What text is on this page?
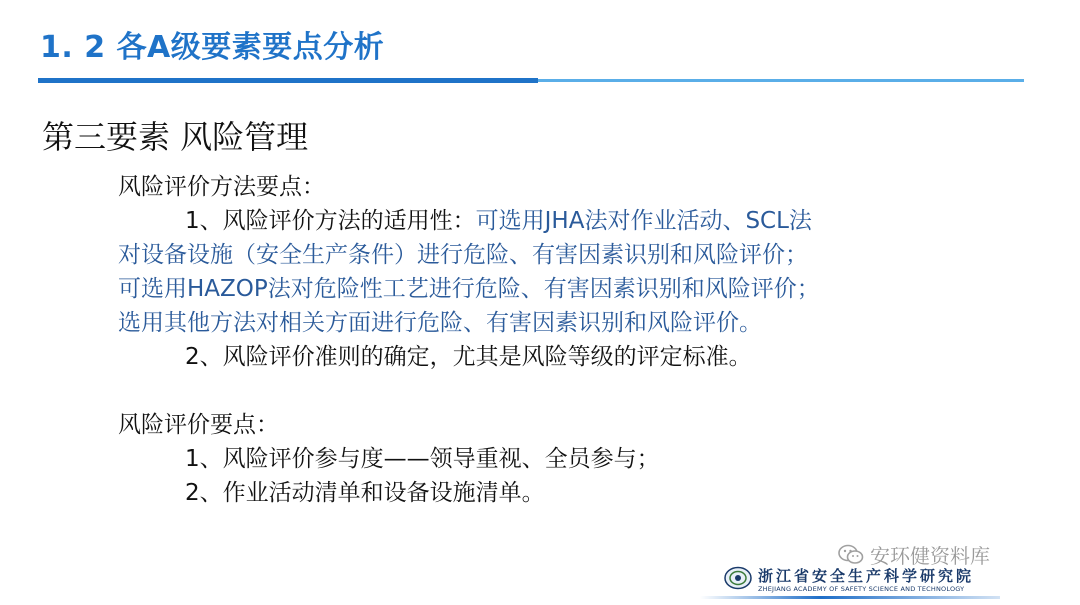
1. 2 各A级要素要点分析
第三要素 风险管理
风险评价方法要点：
1、风险评价方法的适用性：可选用JHA法对作业活动、SCL法
对设备设施（安全生产条件）进行危险、有害因素识别和风险评价；
可选用HAZOP法对危险性工艺进行危险、有害因素识别和风险评价；
选用其他方法对相关方面进行危险、有害因素识别和风险评价。
2、风险评价准则的确定，尤其是风险等级的评定标准。
风险评价要点：
1、风险评价参与度——领导重视、全员参与；
2、作业活动清单和设备设施清单。
安环健资料库
浙江省安全生产科学研究院
ZHEJIANG ACADEMY OF SAFETY SCIENCE AND TECHNOLOGY
